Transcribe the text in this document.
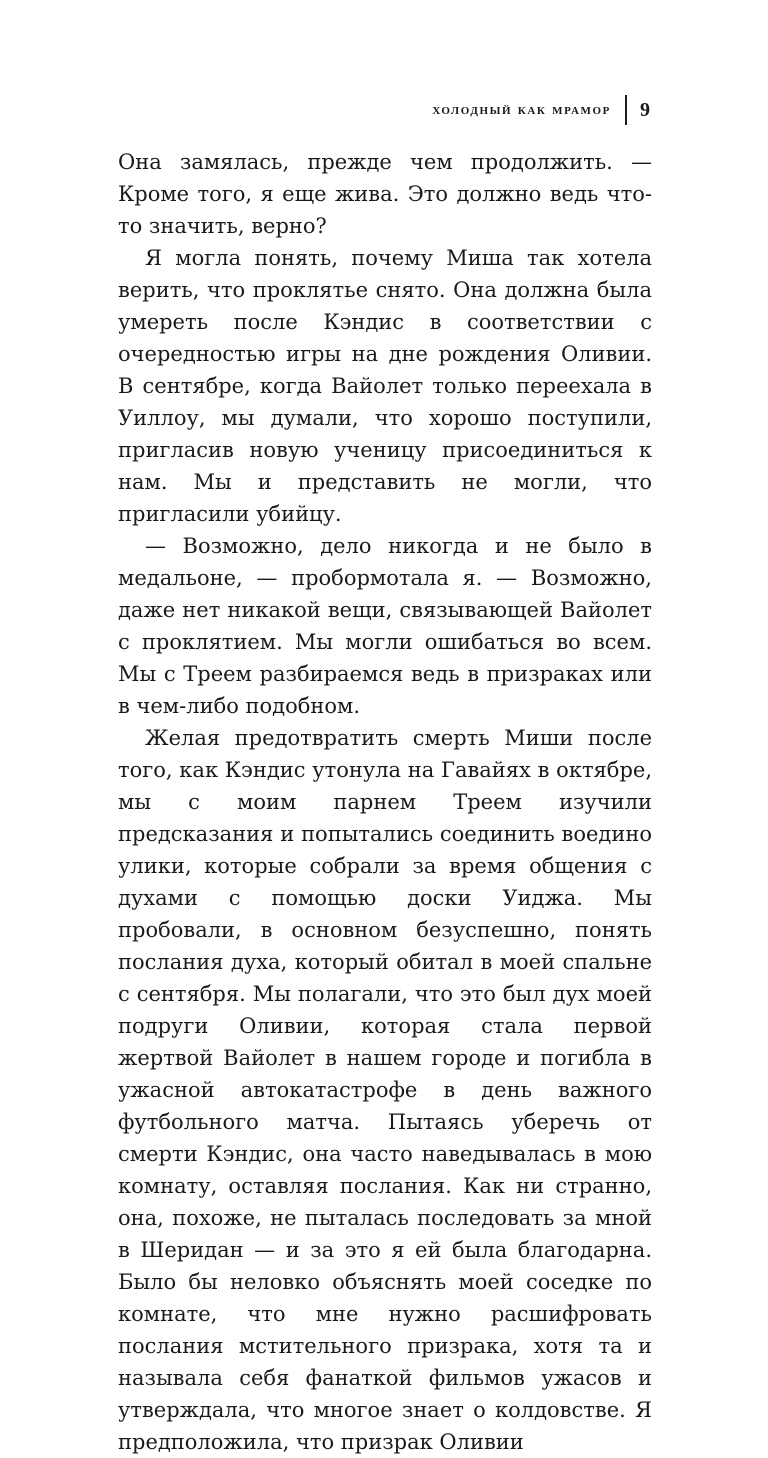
холодный как мрамор 9

Она замялась, прежде чем продолжить. — Кроме того, я еще жива. Это должно ведь что-то значить, верно?

Я могла понять, почему Миша так хотела верить, что проклятье снято. Она должна была умереть после Кэндис в соответствии с очередностью игры на дне рождения Оливии. В сентябре, когда Вайолет только переехала в Уиллоу, мы думали, что хорошо поступили, пригласив новую ученицу присоединиться к нам. Мы и представить не могли, что пригласили убийцу.

— Возможно, дело никогда и не было в медальоне, — пробормотала я. — Возможно, даже нет никакой вещи, связывающей Вайолет с проклятием. Мы могли ошибаться во всем. Мы с Треем разбираемся ведь в призраках или в чем-либо подобном.

Желая предотвратить смерть Миши после того, как Кэндис утонула на Гавайях в октябре, мы с моим парнем Треем изучили предсказания и попытались соединить воедино улики, которые собрали за время общения с духами с помощью доски Уиджа. Мы пробовали, в основном безуспешно, понять послания духа, который обитал в моей спальне с сентября. Мы полагали, что это был дух моей подруги Оливии, которая стала первой жертвой Вайолет в нашем городе и погибла в ужасной автокатастрофе в день важного футбольного матча. Пытаясь уберечь от смерти Кэндис, она часто наведывалась в мою комнату, оставляя послания. Как ни странно, она, похоже, не пыталась последовать за мной в Шеридан — и за это я ей была благодарна. Было бы неловко объяснять моей соседке по комнате, что мне нужно расшифровать послания мстительного призрака, хотя та и называла себя фанаткой фильмов ужасов и утверждала, что многое знает о колдовстве. Я предположила, что призрак Оливии
